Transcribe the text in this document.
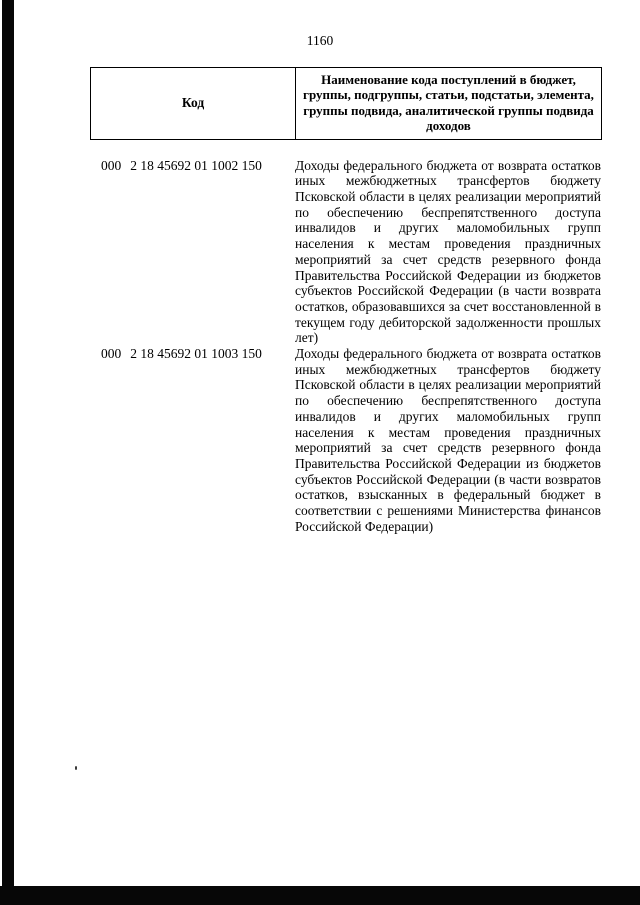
1160
Код
Наименование кода поступлений в бюджет, группы, подгруппы, статьи, подстатьи, элемента, группы подвида, аналитической группы подвида доходов
000 2 18 45692 01 1002 150 Доходы федерального бюджета от возврата остатков иных межбюджетных трансфертов бюджету Псковской области в целях реализации мероприятий по обеспечению беспрепятственного доступа инвалидов и других маломобильных групп населения к местам проведения праздничных мероприятий за счет средств резервного фонда Правительства Российской Федерации из бюджетов субъектов Российской Федерации (в части возврата остатков, образовавшихся за счет восстановленной в текущем году дебиторской задолженности прошлых лет)
000 2 18 45692 01 1003 150 Доходы федерального бюджета от возврата остатков иных межбюджетных трансфертов бюджету Псковской области в целях реализации мероприятий по обеспечению беспрепятственного доступа инвалидов и других маломобильных групп населения к местам проведения праздничных мероприятий за счет средств резервного фонда Правительства Российской Федерации из бюджетов субъектов Российской Федерации (в части возвратов остатков, взысканных в федеральный бюджет в соответствии с решениями Министерства финансов Российской Федерации)
